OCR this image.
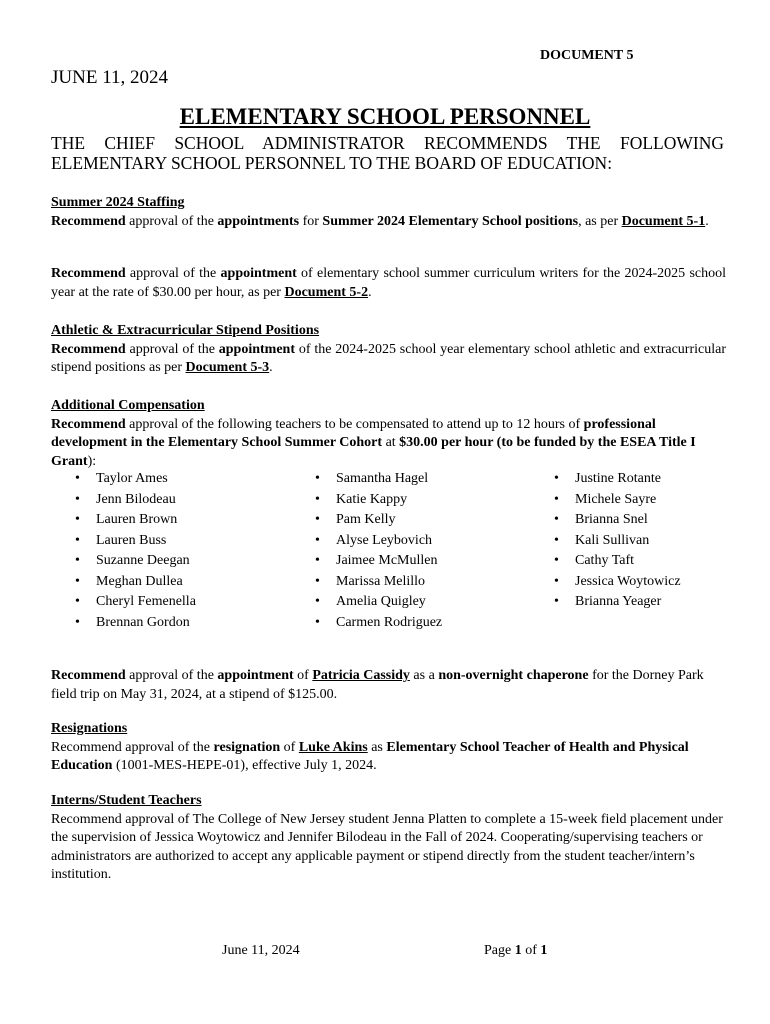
DOCUMENT 5
JUNE 11, 2024
ELEMENTARY SCHOOL PERSONNEL
THE CHIEF SCHOOL ADMINISTRATOR RECOMMENDS THE FOLLOWING ELEMENTARY SCHOOL PERSONNEL TO THE BOARD OF EDUCATION:
Summer 2024 Staffing
Recommend approval of the appointments for Summer 2024 Elementary School positions, as per Document 5-1.
Recommend approval of the appointment of elementary school summer curriculum writers for the 2024-2025 school year at the rate of $30.00 per hour, as per Document 5-2.
Athletic & Extracurricular Stipend Positions
Recommend approval of the appointment of the 2024-2025 school year elementary school athletic and extracurricular stipend positions as per Document 5-3.
Additional Compensation
Recommend approval of the following teachers to be compensated to attend up to 12 hours of professional development in the Elementary School Summer Cohort at $30.00 per hour (to be funded by the ESEA Title I Grant):
• Taylor Ames
• Jenn Bilodeau
• Lauren Brown
• Lauren Buss
• Suzanne Deegan
• Meghan Dullea
• Cheryl Femenella
• Brennan Gordon
• Samantha Hagel
• Katie Kappy
• Pam Kelly
• Alyse Leybovich
• Jaimee McMullen
• Marissa Melillo
• Amelia Quigley
• Carmen Rodriguez
• Justine Rotante
• Michele Sayre
• Brianna Snel
• Kali Sullivan
• Cathy Taft
• Jessica Woytowicz
• Brianna Yeager
Recommend approval of the appointment of Patricia Cassidy as a non-overnight chaperone for the Dorney Park field trip on May 31, 2024, at a stipend of $125.00.
Resignations
Recommend approval of the resignation of Luke Akins as Elementary School Teacher of Health and Physical Education (1001-MES-HEPE-01), effective July 1, 2024.
Interns/Student Teachers
Recommend approval of The College of New Jersey student Jenna Platten to complete a 15-week field placement under the supervision of Jessica Woytowicz and Jennifer Bilodeau in the Fall of 2024. Cooperating/supervising teachers or administrators are authorized to accept any applicable payment or stipend directly from the student teacher/intern’s institution.
June 11, 2024	Page 1 of 1
